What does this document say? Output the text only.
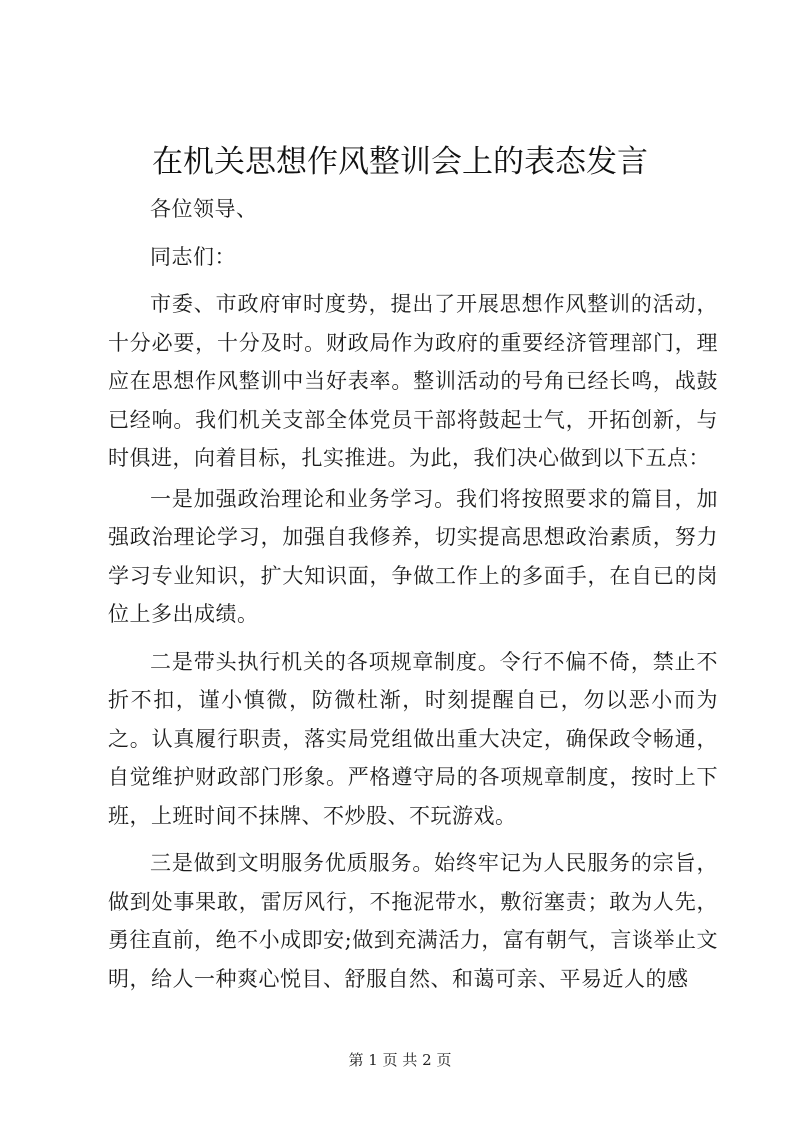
在机关思想作风整训会上的表态发言

各位领导、

同志们：

市委、市政府审时度势，提出了开展思想作风整训的活动，十分必要，十分及时。财政局作为政府的重要经济管理部门，理应在思想作风整训中当好表率。整训活动的号角已经长鸣，战鼓已经响。我们机关支部全体党员干部将鼓起士气，开拓创新，与时俱进，向着目标，扎实推进。为此，我们决心做到以下五点：

一是加强政治理论和业务学习。我们将按照要求的篇目，加强政治理论学习，加强自我修养，切实提高思想政治素质，努力学习专业知识，扩大知识面，争做工作上的多面手，在自已的岗位上多出成绩。

二是带头执行机关的各项规章制度。令行不偏不倚，禁止不折不扣，谨小慎微，防微杜渐，时刻提醒自已，勿以恶小而为之。认真履行职责，落实局党组做出重大决定，确保政令畅通，自觉维护财政部门形象。严格遵守局的各项规章制度，按时上下班，上班时间不抹牌、不炒股、不玩游戏。

三是做到文明服务优质服务。始终牢记为人民服务的宗旨，做到处事果敢，雷厉风行，不拖泥带水，敷衍塞责；敢为人先，勇往直前，绝不小成即安;做到充满活力，富有朝气，言谈举止文明，给人一种爽心悦目、舒服自然、和蔼可亲、平易近人的感

第 1 页 共 2 页
